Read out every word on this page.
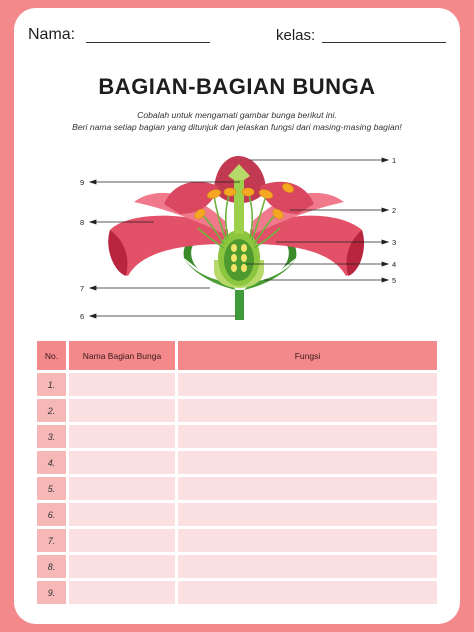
Nama:	kelas:
BAGIAN-BAGIAN BUNGA
Cobalah untuk mengamati gambar bunga berikut ini.
Beri nama setiap bagian yang ditunjuk dan jelaskan fungsi dari masing-masing bagian!
1
2
3
4
5
9
8
7
6
No.	Nama Bagian Bunga	Fungsi
1.		
2.		
3.		
4.		
5.		
6.		
7.		
8.		
9.		
